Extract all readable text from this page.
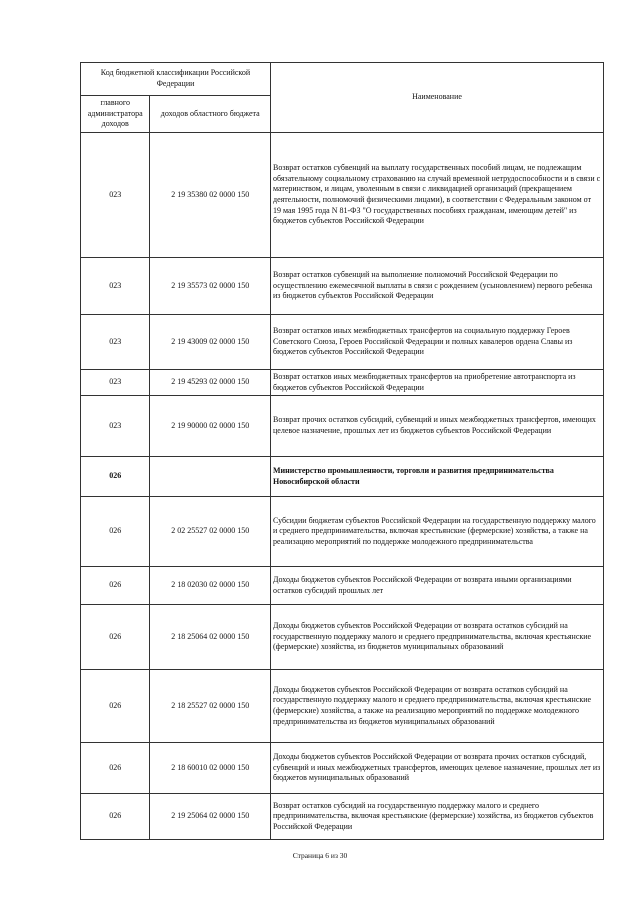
Код бюджетной классификации Российской Федерации		Наименование
главного администратора доходов	доходов областного бюджета	
023	2 19 35380 02 0000 150	Возврат остатков субвенций на выплату государственных пособий лицам, не подлежащим обязательному социальному страхованию на случай временной нетрудоспособности и в связи с материнством, и лицам, уволенным в связи с ликвидацией организаций (прекращением деятельности, полномочий физическими лицами), в соответствии с Федеральным законом от 19 мая 1995 года N 81-ФЗ "О государственных пособиях гражданам, имеющим детей" из бюджетов субъектов Российской Федерации
023	2 19 35573 02 0000 150	Возврат остатков субвенций на выполнение полномочий Российской Федерации по осуществлению ежемесячной выплаты в связи с рождением (усыновлением) первого ребенка из бюджетов субъектов Российской Федерации
023	2 19 43009 02 0000 150	Возврат остатков иных межбюджетных трансфертов на социальную поддержку Героев Советского Союза, Героев Российской Федерации и полных кавалеров ордена Славы из бюджетов субъектов Российской Федерации
023	2 19 45293 02 0000 150	Возврат остатков иных межбюджетных трансфертов на приобретение автотранспорта из бюджетов субъектов Российской Федерации
023	2 19 90000 02 0000 150	Возврат прочих остатков субсидий, субвенций и иных межбюджетных трансфертов, имеющих целевое назначение, прошлых лет из бюджетов субъектов Российской Федерации
026		Министерство промышленности, торговли и развития предпринимательства Новосибирской области
026	2 02 25527 02 0000 150	Субсидии бюджетам субъектов Российской Федерации на государственную поддержку малого и среднего предпринимательства, включая крестьянские (фермерские) хозяйства, а также на реализацию мероприятий по поддержке молодежного предпринимательства
026	2 18 02030 02 0000 150	Доходы бюджетов субъектов Российской Федерации от возврата иными организациями остатков субсидий прошлых лет
026	2 18 25064 02 0000 150	Доходы бюджетов субъектов Российской Федерации от возврата остатков субсидий на государственную поддержку малого и среднего предпринимательства, включая крестьянские (фермерские) хозяйства, из бюджетов муниципальных образований
026	2 18 25527 02 0000 150	Доходы бюджетов субъектов Российской Федерации от возврата остатков субсидий на государственную поддержку малого и среднего предпринимательства, включая крестьянские (фермерские) хозяйства, а также на реализацию мероприятий по поддержке молодежного предпринимательства из бюджетов муниципальных образований
026	2 18 60010 02 0000 150	Доходы бюджетов субъектов Российской Федерации от возврата прочих остатков субсидий, субвенций и иных межбюджетных трансфертов, имеющих целевое назначение, прошлых лет из бюджетов муниципальных образований
026	2 19 25064 02 0000 150	Возврат остатков субсидий на государственную поддержку малого и среднего предпринимательства, включая крестьянские (фермерские) хозяйства, из бюджетов субъектов Российской Федерации
Страница 6 из 30
